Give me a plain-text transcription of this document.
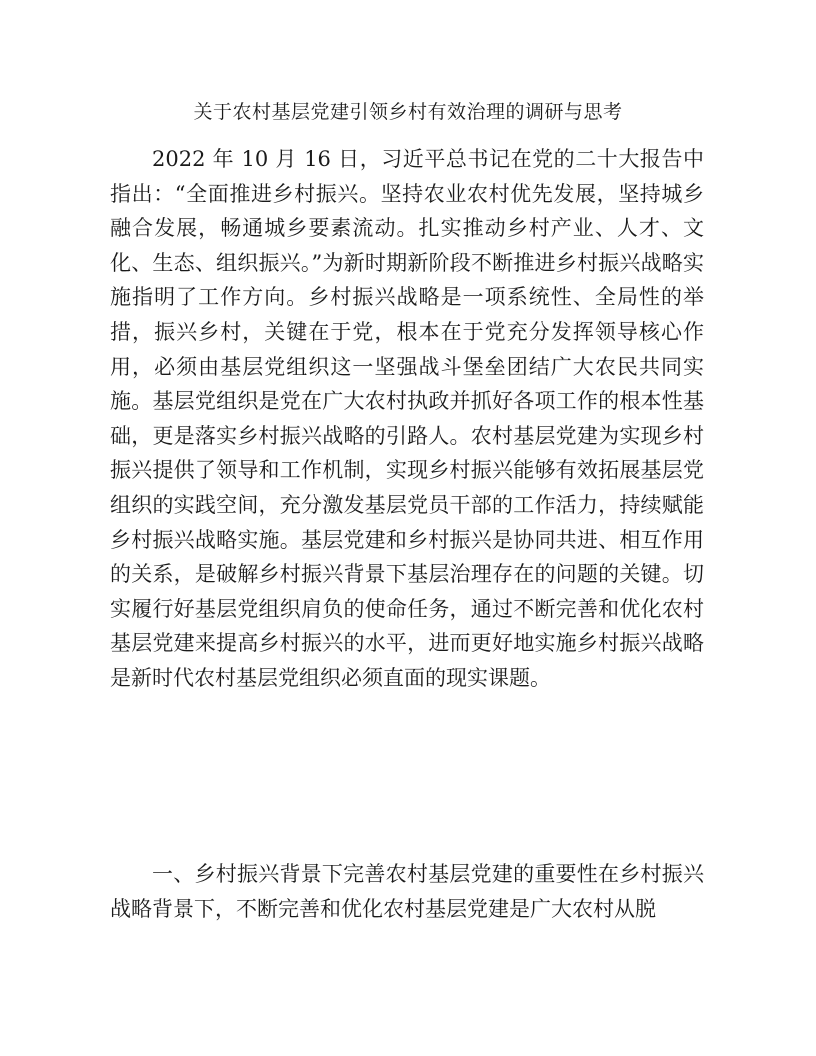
关于农村基层党建引领乡村有效治理的调研与思考

2022 年 10 月 16 日，习近平总书记在党的二十大报告中指出：“全面推进乡村振兴。坚持农业农村优先发展，坚持城乡融合发展，畅通城乡要素流动。扎实推动乡村产业、人才、文化、生态、组织振兴。”为新时期新阶段不断推进乡村振兴战略实施指明了工作方向。乡村振兴战略是一项系统性、全局性的举措，振兴乡村，关键在于党，根本在于党充分发挥领导核心作用，必须由基层党组织这一坚强战斗堡垒团结广大农民共同实施。基层党组织是党在广大农村执政并抓好各项工作的根本性基础，更是落实乡村振兴战略的引路人。农村基层党建为实现乡村振兴提供了领导和工作机制，实现乡村振兴能够有效拓展基层党组织的实践空间，充分激发基层党员干部的工作活力，持续赋能乡村振兴战略实施。基层党建和乡村振兴是协同共进、相互作用的关系，是破解乡村振兴背景下基层治理存在的问题的关键。切实履行好基层党组织肩负的使命任务，通过不断完善和优化农村基层党建来提高乡村振兴的水平，进而更好地实施乡村振兴战略是新时代农村基层党组织必须直面的现实课题。

一、乡村振兴背景下完善农村基层党建的重要性在乡村振兴战略背景下，不断完善和优化农村基层党建是广大农村从脱
